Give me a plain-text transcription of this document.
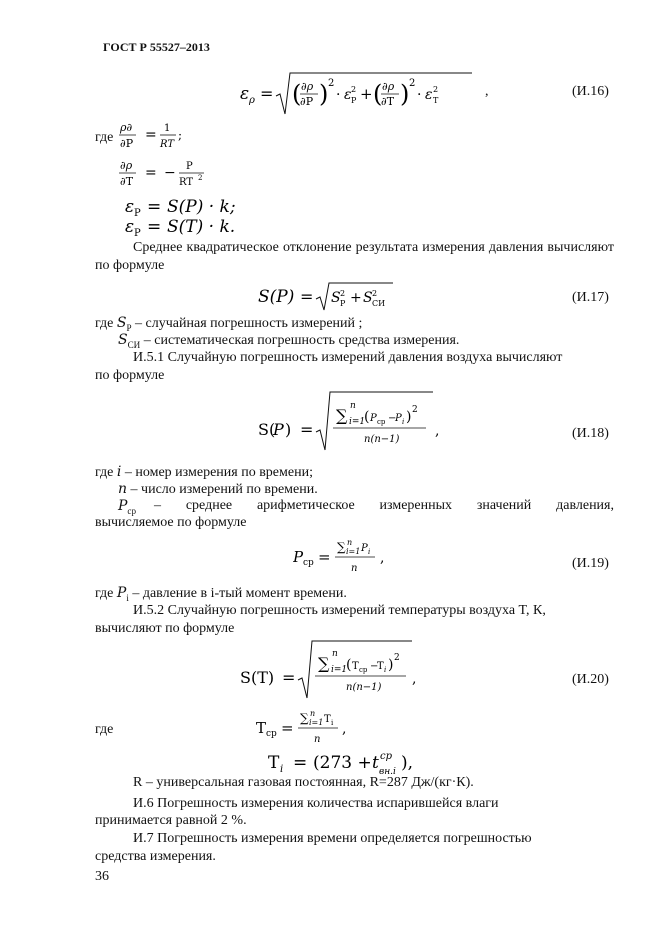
ГОСТ Р 55527–2013
ε ρ = ( ∂ρ
∂P ) 2
· ε P
2 + ( ∂ρ
∂T ) 2
· ε T
2	,	(И.16)
где
ρ∂
∂P
= 1
RT
;
∂ρ
∂T
= − P
RT 2
ε P = S(P) · k;
ε P = S(T) · k.
Среднее квадратическое отклонение результата измерения давления вычисляют по формуле
S(P) = S P
2 + S СИ
2	(И.17)
где $S_P$ – случайная погрешность измерений ;
$S_{СИ}$ – систематическая погрешность средства измерения.
И.5.1 Случайную погрешность измерений давления воздуха вычисляют
по формуле
S(
P ) =
∑ n
i=1
( P ср −
P i ) 2
n(n−1)
,	(И.18)
где i – номер измерения по времени;
n – число измерений по времени.
$P_{ср}$ – среднее арифметическое измеренных значений давления,
вычисляемое по формуле
P ср =
∑ n
i=1 P i
n
,	(И.19)
где $P_i$ – давление в i-тый момент времени.
И.5.2 Случайную погрешность измерений температуры воздуха T, К,
вычисляют по формуле
S(T) =
∑ n
i=1
( T ср −
T i ) 2
n(n−1)
,	(И.20)
где	T ср =
∑ n
i=1 T i
n
,
T i = (273 + t ср
вн.i ),
R – универсальная газовая постоянная, R=287 Дж/(кг·К).
И.6 Погрешность измерения количества испарившейся влаги
принимается равной 2 %.
И.7 Погрешность измерения времени определяется погрешностью
средства измерения.
36
